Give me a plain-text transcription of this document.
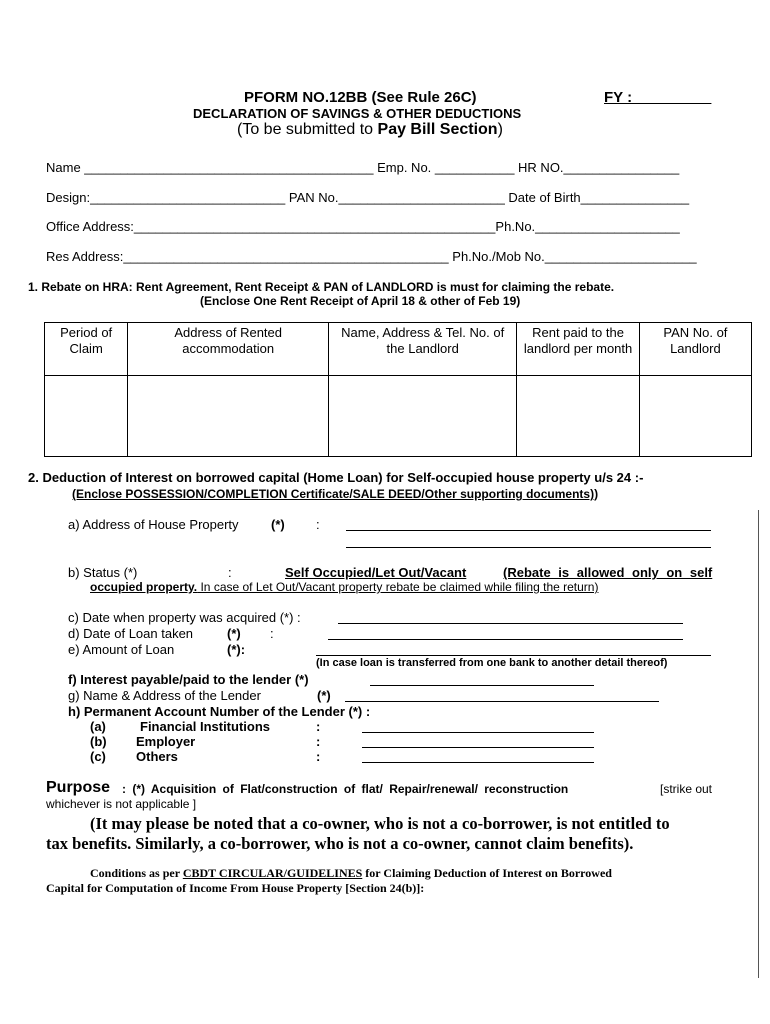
PFORM NO.12BB (See Rule 26C)	FY : _________
DECLARATION OF SAVINGS & OTHER DEDUCTIONS
(To be submitted to Pay Bill Section)
Name ________________________________________ Emp. No. ___________ HR NO.________________
Design:___________________________ PAN No._______________________ Date of Birth_______________
Office Address:__________________________________________________Ph.No.____________________
Res Address:_____________________________________________ Ph.No./Mob No._____________________
1. Rebate on HRA: Rent Agreement, Rent Receipt & PAN of LANDLORD is must for claiming the rebate.
(Enclose One Rent Receipt of April 18 & other of Feb 19)
Period of Claim	Address of Rented accommodation	Name, Address & Tel. No. of the Landlord	Rent paid to the landlord per month	PAN No. of Landlord

2. Deduction of Interest on borrowed capital (Home Loan) for Self-occupied house property u/s 24 :-
(Enclose POSSESSION/COMPLETION Certificate/SALE DEED/Other supporting documents))
a) Address of House Property (*) :
b) Status (*)	:	Self Occupied/Let Out/Vacant	(Rebate is allowed only on self
occupied property. In case of Let Out/Vacant property rebate be claimed while filing the return)
c) Date when property was acquired (*) :
d) Date of Loan taken	(*) :
e) Amount of Loan	(*):
(In case loan is transferred from one bank to another detail thereof)
f) Interest payable/paid to the lender (*)
g) Name & Address of the Lender	(*)
h) Permanent Account Number of the Lender (*) :
(a)	Financial Institutions	:
(b) Employer	:
(c) Others	:
Purpose : (*) Acquisition of Flat/construction of flat/ Repair/renewal/ reconstruction	[strike out
whichever is not applicable ]
(It may please be noted that a co-owner, who is not a co-borrower, is not entitled to
tax benefits. Similarly, a co-borrower, who is not a co-owner, cannot claim benefits).
Conditions as per CBDT CIRCULAR/GUIDELINES for Claiming Deduction of Interest on Borrowed
Capital for Computation of Income From House Property [Section 24(b)]:
